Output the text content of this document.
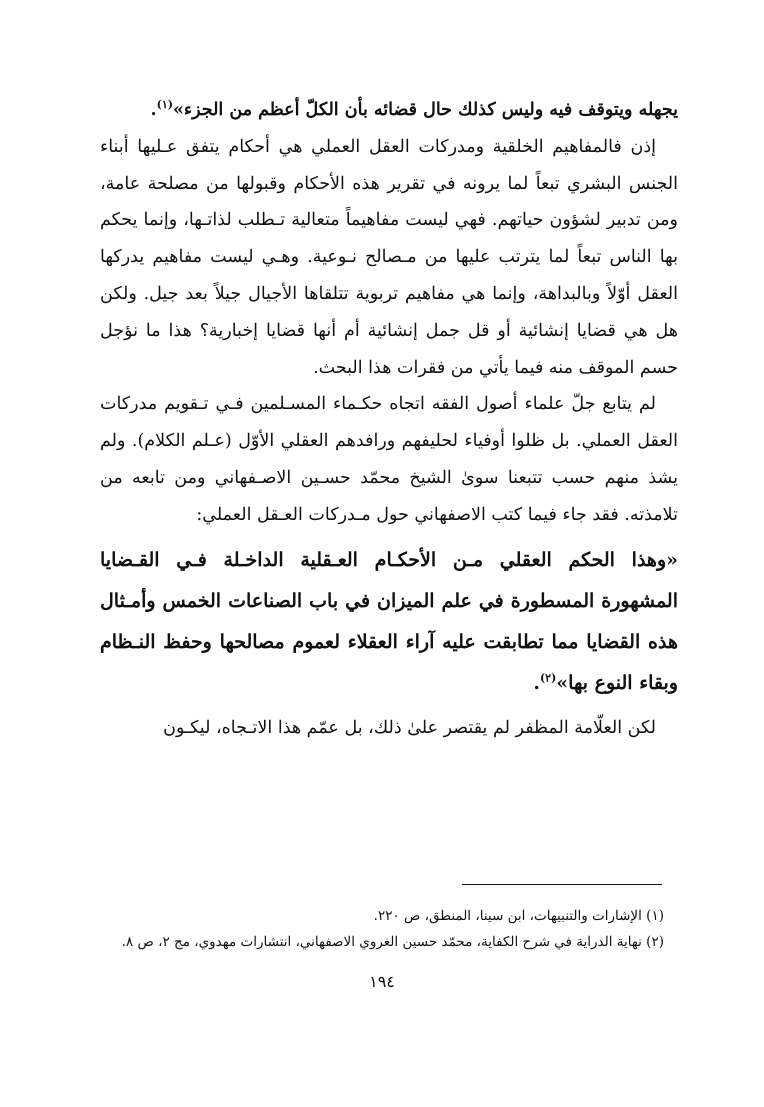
يجهله ويتوقف فيه وليس كذلك حال قضائه بأن الكلّ أعظم من الجزء»$^{(١)}$.

إذن فالمفاهيم الخلقية ومدركات العقل العملي هي أحكام يتفق عـليها أبناء الجنس البشري تبعاً لما يرونه في تقرير هذه الأحكام وقبولها من مصلحة عامة، ومن تدبير لشؤون حياتهم. فهي ليست مفاهيماً متعالية تـطلب لذاتـها، وإنما يحكم بها الناس تبعاً لما يترتب عليها من مـصالح نـوعية. وهـي ليست مفاهيم يدركها العقل أوّلاً وبالبداهة، وإنما هي مفاهيم تربوية تتلقاها الأجيال جيلاً بعد جيل. ولكن هل هي قضايا إنشائية أو قل جمل إنشائية أم أنها قضايا إخبارية؟ هذا ما نؤجل حسم الموقف منه فيما يأتي من فقرات هذا البحث.

لم يتابع جلّ علماء أصول الفقه اتجاه حكـماء المسـلمين فـي تـقويم مدركات العقل العملي. بل ظلوا أوفياء لحليفهم ورافدهم العقلي الأوّل (عـلم الكلام). ولم يشذ منهم حسب تتبعنا سوىٰ الشيخ محمّد حسـين الاصـفهاني ومن تابعه من تلامذته. فقد جاء فيما كتب الاصفهاني حول مـدركات العـقل العملي:

«وهذا الحكم العقلي مـن الأحكـام العـقلية الداخـلة فـي القـضايا المشهورة المسطورة في علم الميزان في باب الصناعات الخمس وأمـثال هذه القضايا مما تطابقت عليه آراء العقلاء لعموم مصالحها وحفظ النـظام وبقاء النوع بها»$^{(٢)}$.

لكن العلّامة المظفر لم يقتصر علىٰ ذلك، بل عمّم هذا الاتـجاه، ليكـون

(١) الإشارات والتنبيهات، ابن سينا، المنطق، ص ٢٢٠.

(٢) نهاية الدراية في شرح الكفاية، محمّد حسين الغروي الاصفهاني، انتشارات مهدوي، مج ٢، ص ٨.

١٩٤
